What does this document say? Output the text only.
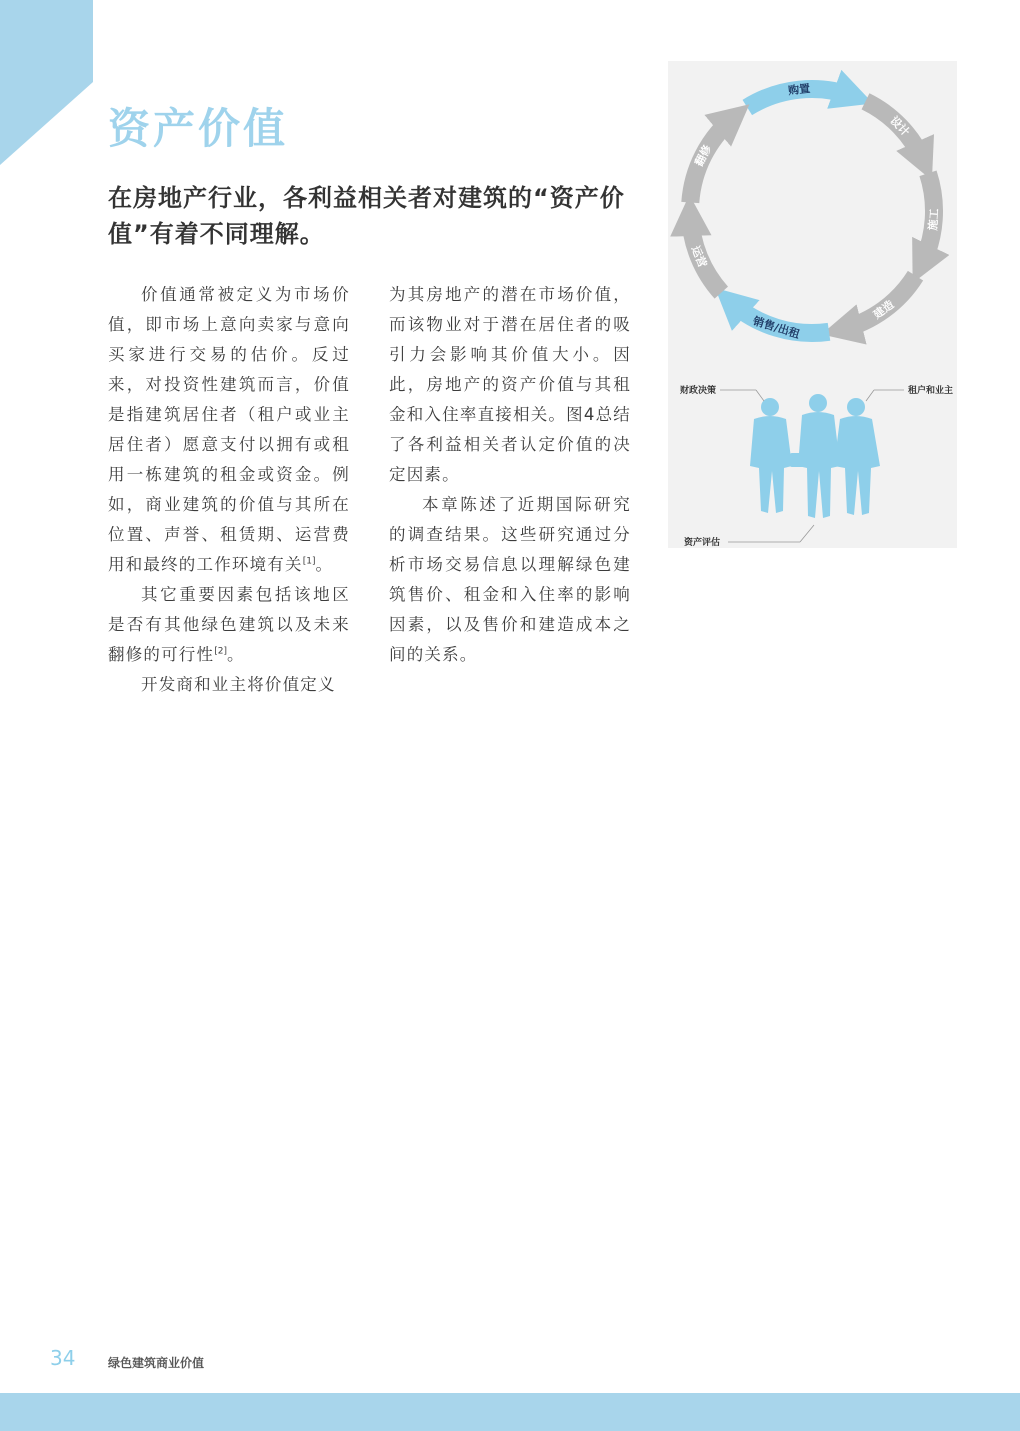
资产价值
在房地产行业，各利益相关者对建筑的“资产价值”有着不同理解。

价值通常被定义为市场价值，即市场上意向卖家与意向买家进行交易的估价。反过来，对投资性建筑而言，价值是指建筑居住者（租户或业主居住者）愿意支付以拥有或租用一栋建筑的租金或资金。例如，商业建筑的价值与其所在位置、声誉、租赁期、运营费用和最终的工作环境有关[1]。

其它重要因素包括该地区是否有其他绿色建筑以及未来翻修的可行性[2]。

开发商和业主将价值定义

为其房地产的潜在市场价值，而该物业对于潜在居住者的吸引力会影响其价值大小。因此，房地产的资产价值与其租金和入住率直接相关。图4总结了各利益相关者认定价值的决定因素。

本章陈述了近期国际研究的调查结果。这些研究通过分析市场交易信息以理解绿色建筑售价、租金和入住率的影响因素，以及售价和建造成本之间的关系。

购置
设计
施工
建造
销售/出租
运营
翻修
财政决策	租户和业主
资产评估
34	绿色建筑商业价值
